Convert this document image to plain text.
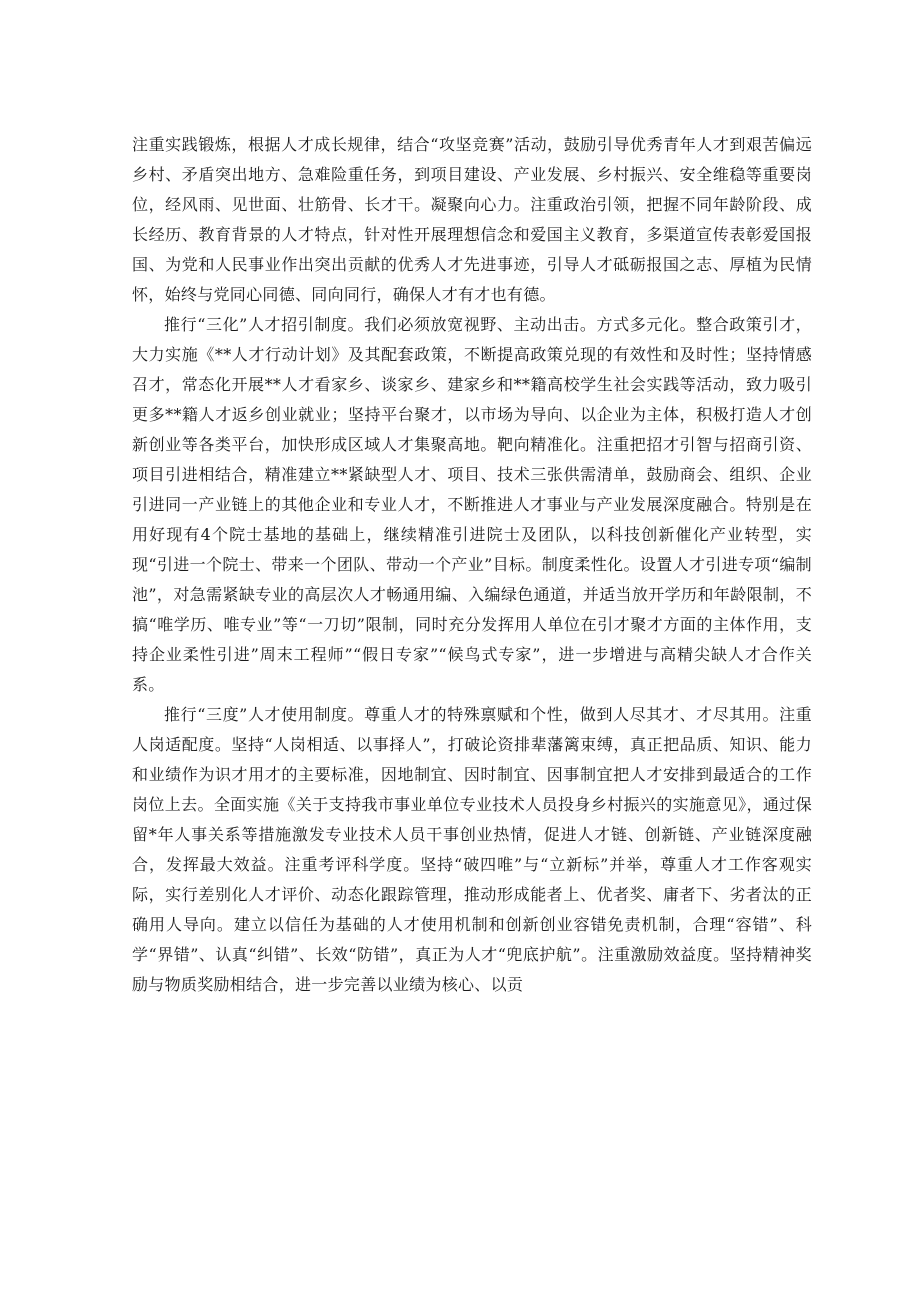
注重实践锻炼，根据人才成长规律，结合“攻坚竞赛”活动，鼓励引导优秀青年人才到艰苦偏远乡村、矛盾突出地方、急难险重任务，到项目建设、产业发展、乡村振兴、安全维稳等重要岗位，经风雨、见世面、壮筋骨、长才干。凝聚向心力。注重政治引领，把握不同年龄阶段、成长经历、教育背景的人才特点，针对性开展理想信念和爱国主义教育，多渠道宣传表彰爱国报国、为党和人民事业作出突出贡献的优秀人才先进事迹，引导人才砥砺报国之志、厚植为民情怀，始终与党同心同德、同向同行，确保人才有才也有德。

推行“三化”人才招引制度。我们必须放宽视野、主动出击。方式多元化。整合政策引才，大力实施《**人才行动计划》及其配套政策，不断提高政策兑现的有效性和及时性；坚持情感召才，常态化开展**人才看家乡、谈家乡、建家乡和**籍高校学生社会实践等活动，致力吸引更多**籍人才返乡创业就业；坚持平台聚才，以市场为导向、以企业为主体，积极打造人才创新创业等各类平台，加快形成区域人才集聚高地。靶向精准化。注重把招才引智与招商引资、项目引进相结合，精准建立**紧缺型人才、项目、技术三张供需清单，鼓励商会、组织、企业引进同一产业链上的其他企业和专业人才，不断推进人才事业与产业发展深度融合。特别是在用好现有4个院士基地的基础上，继续精准引进院士及团队，以科技创新催化产业转型，实现“引进一个院士、带来一个团队、带动一个产业”目标。制度柔性化。设置人才引进专项“编制池”，对急需紧缺专业的高层次人才畅通用编、入编绿色通道，并适当放开学历和年龄限制，不搞“唯学历、唯专业”等“一刀切”限制，同时充分发挥用人单位在引才聚才方面的主体作用，支持企业柔性引进”周末工程师”“假日专家”“候鸟式专家”，进一步增进与高精尖缺人才合作关系。

推行“三度”人才使用制度。尊重人才的特殊禀赋和个性，做到人尽其才、才尽其用。注重人岗适配度。坚持“人岗相适、以事择人”，打破论资排辈藩篱束缚，真正把品质、知识、能力和业绩作为识才用才的主要标准，因地制宜、因时制宜、因事制宜把人才安排到最适合的工作岗位上去。全面实施《关于支持我市事业单位专业技术人员投身乡村振兴的实施意见》，通过保留*年人事关系等措施激发专业技术人员干事创业热情，促进人才链、创新链、产业链深度融合，发挥最大效益。注重考评科学度。坚持“破四唯”与“立新标”并举，尊重人才工作客观实际，实行差别化人才评价、动态化跟踪管理，推动形成能者上、优者奖、庸者下、劣者汰的正确用人导向。建立以信任为基础的人才使用机制和创新创业容错免责机制，合理“容错”、科学“界错”、认真“纠错”、长效“防错”，真正为人才“兜底护航”。注重激励效益度。坚持精神奖励与物质奖励相结合，进一步完善以业绩为核心、以贡
